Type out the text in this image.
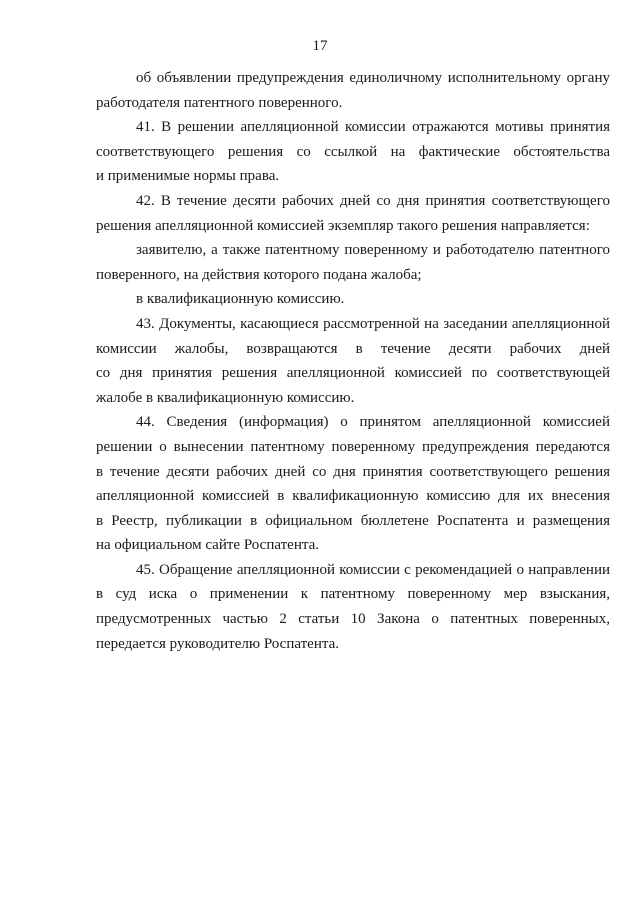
17
об объявлении предупреждения единоличному исполнительному органу
работодателя патентного поверенного.
41. В решении апелляционной комиссии отражаются мотивы принятия
соответствующего решения со ссылкой на фактические обстоятельства
и применимые нормы права.
42. В течение десяти рабочих дней со дня принятия соответствующего
решения апелляционной комиссией экземпляр такого решения направляется:
заявителю, а также патентному поверенному и работодателю патентного
поверенного, на действия которого подана жалоба;
в квалификационную комиссию.
43. Документы, касающиеся рассмотренной на заседании апелляционной
комиссии жалобы, возвращаются в течение десяти рабочих дней
со дня принятия решения апелляционной комиссией по соответствующей
жалобе в квалификационную комиссию.
44. Сведения (информация) о принятом апелляционной комиссией
решении о вынесении патентному поверенному предупреждения передаются
в течение десяти рабочих дней со дня принятия соответствующего решения
апелляционной комиссией в квалификационную комиссию для их внесения
в Реестр, публикации в официальном бюллетене Роспатента и размещения
на официальном сайте Роспатента.
45. Обращение апелляционной комиссии с рекомендацией о направлении
в суд иска о применении к патентному поверенному мер взыскания,
предусмотренных частью 2 статьи 10 Закона о патентных поверенных,
передается руководителю Роспатента.
